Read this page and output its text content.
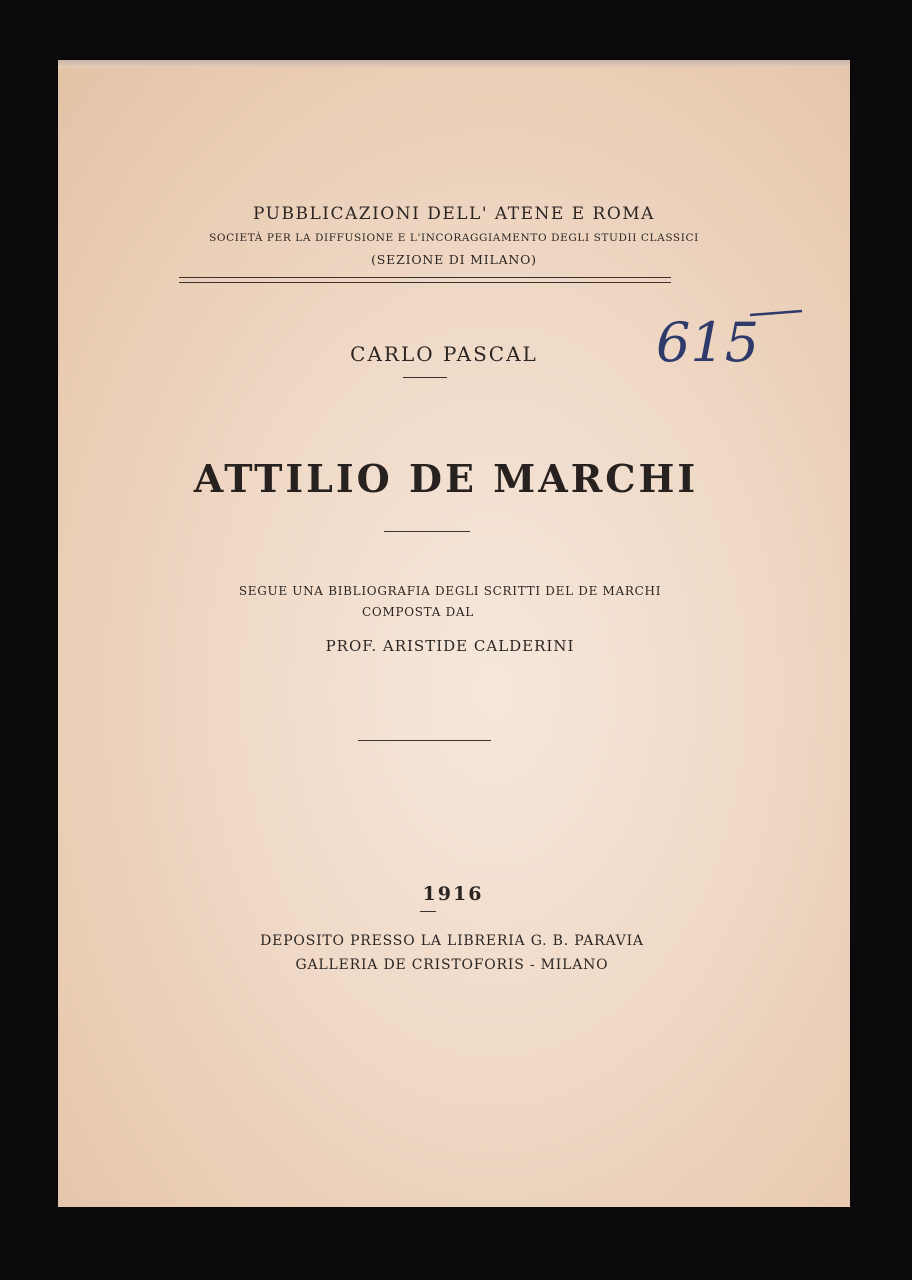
PUBBLICAZIONI DELL' ATENE E ROMA
SOCIETÀ PER LA DIFFUSIONE E L'INCORAGGIAMENTO DEGLI STUDII CLASSICI
(SEZIONE DI MILANO)
615
CARLO PASCAL
ATTILIO DE MARCHI
SEGUE UNA BIBLIOGRAFIA DEGLI SCRITTI DEL DE MARCHI
COMPOSTA DAL
PROF. ARISTIDE CALDERINI
1916
DEPOSITO PRESSO LA LIBRERIA G. B. PARAVIA
GALLERIA DE CRISTOFORIS - MILANO
